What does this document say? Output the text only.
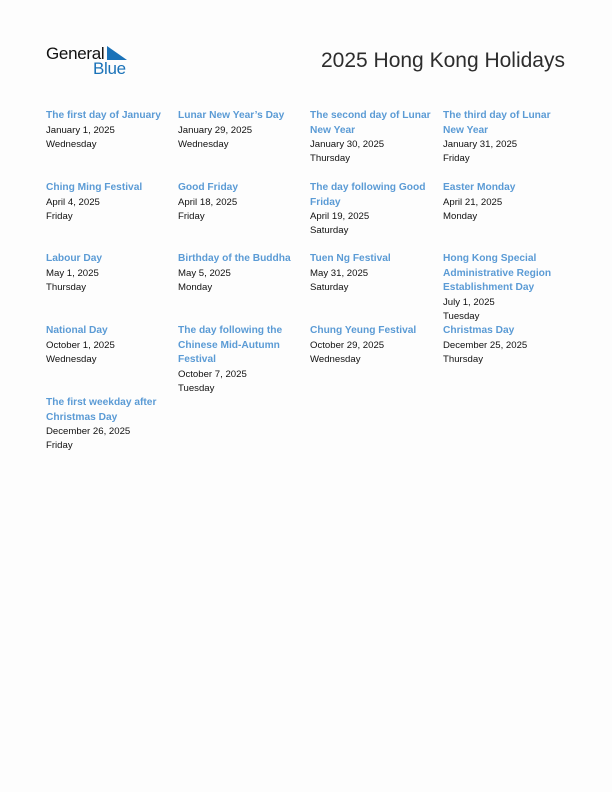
General
Blue	2025 Hong Kong Holidays
The first day of January
January 1, 2025
Wednesday
Lunar New Year’s Day
January 29, 2025
Wednesday
The second day of Lunar New Year
January 30, 2025
Thursday
The third day of Lunar New Year
January 31, 2025
Friday
Ching Ming Festival
April 4, 2025
Friday
Good Friday
April 18, 2025
Friday
The day following Good Friday
April 19, 2025
Saturday
Easter Monday
April 21, 2025
Monday
Labour Day
May 1, 2025
Thursday
Birthday of the Buddha
May 5, 2025
Monday
Tuen Ng Festival
May 31, 2025
Saturday
Hong Kong Special Administrative Region Establishment Day
July 1, 2025
Tuesday
National Day
October 1, 2025
Wednesday
The day following the Chinese Mid-Autumn Festival
October 7, 2025
Tuesday
Chung Yeung Festival
October 29, 2025
Wednesday
Christmas Day
December 25, 2025
Thursday
The first weekday after Christmas Day
December 26, 2025
Friday
